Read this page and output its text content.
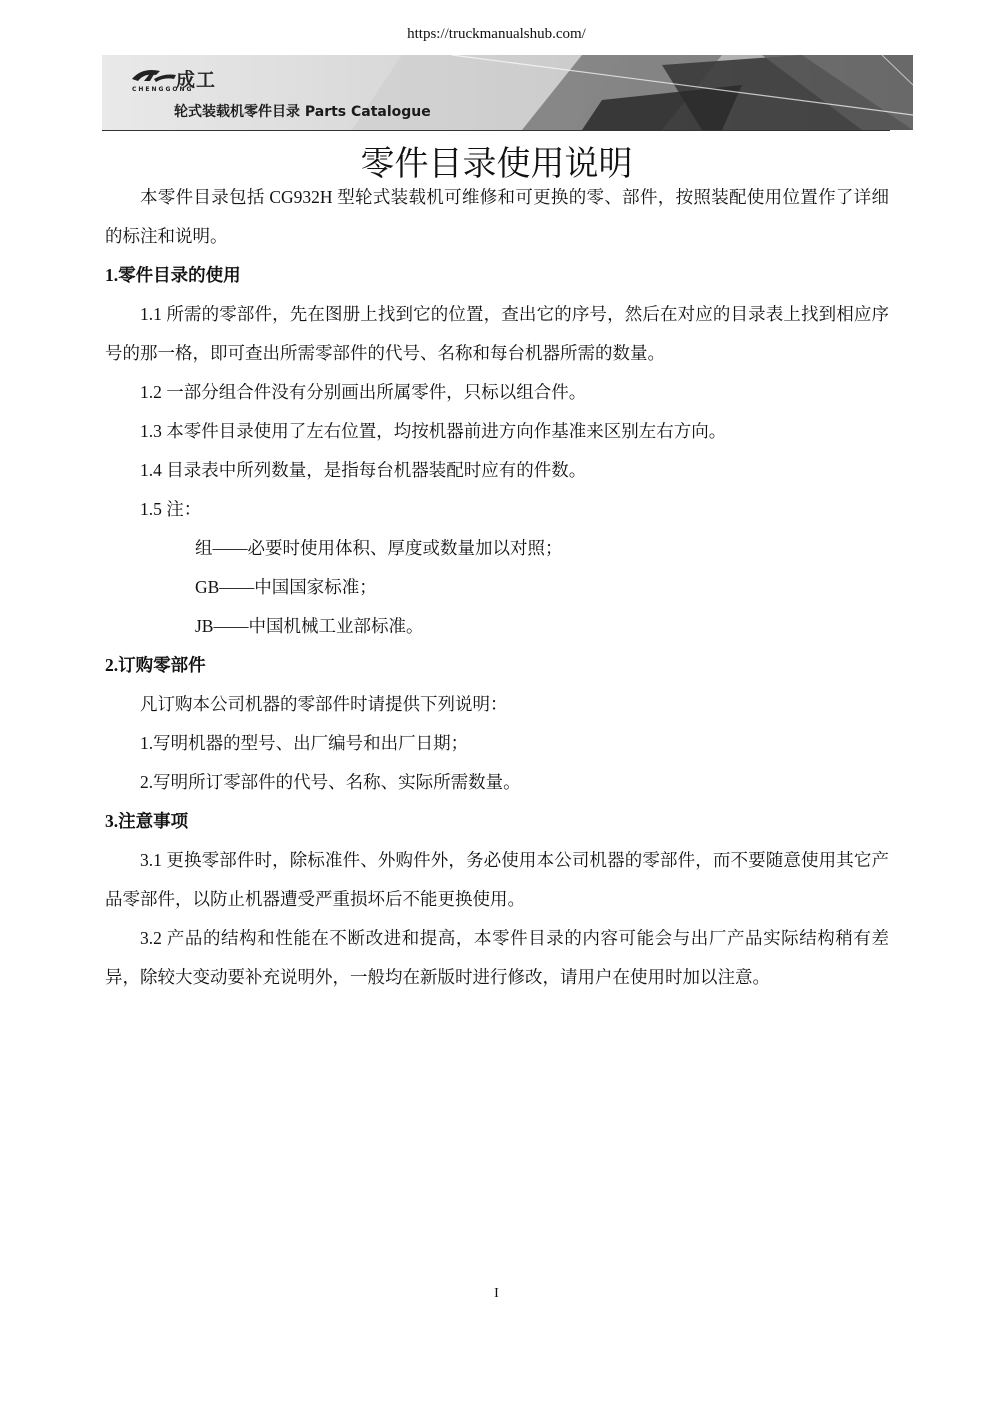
https://truckmanualshub.com/
成工
CHENGGONG
轮式装载机零件目录 Parts Catalogue
零件目录使用说明

本零件目录包括 CG932H 型轮式装载机可维修和可更换的零、部件，按照装配使用位置作了详细的标注和说明。

1.零件目录的使用

1.1 所需的零部件，先在图册上找到它的位置，查出它的序号，然后在对应的目录表上找到相应序号的那一格，即可查出所需零部件的代号、名称和每台机器所需的数量。

1.2 一部分组合件没有分别画出所属零件，只标以组合件。

1.3 本零件目录使用了左右位置，均按机器前进方向作基准来区别左右方向。

1.4 目录表中所列数量，是指每台机器装配时应有的件数。

1.5 注：

组——必要时使用体积、厚度或数量加以对照；

GB——中国国家标准；

JB——中国机械工业部标准。

2.订购零部件

凡订购本公司机器的零部件时请提供下列说明：

1.写明机器的型号、出厂编号和出厂日期；

2.写明所订零部件的代号、名称、实际所需数量。

3.注意事项

3.1 更换零部件时，除标准件、外购件外，务必使用本公司机器的零部件，而不要随意使用其它产品零部件，以防止机器遭受严重损坏后不能更换使用。

3.2 产品的结构和性能在不断改进和提高，本零件目录的内容可能会与出厂产品实际结构稍有差异，除较大变动要补充说明外，一般均在新版时进行修改，请用户在使用时加以注意。

I
